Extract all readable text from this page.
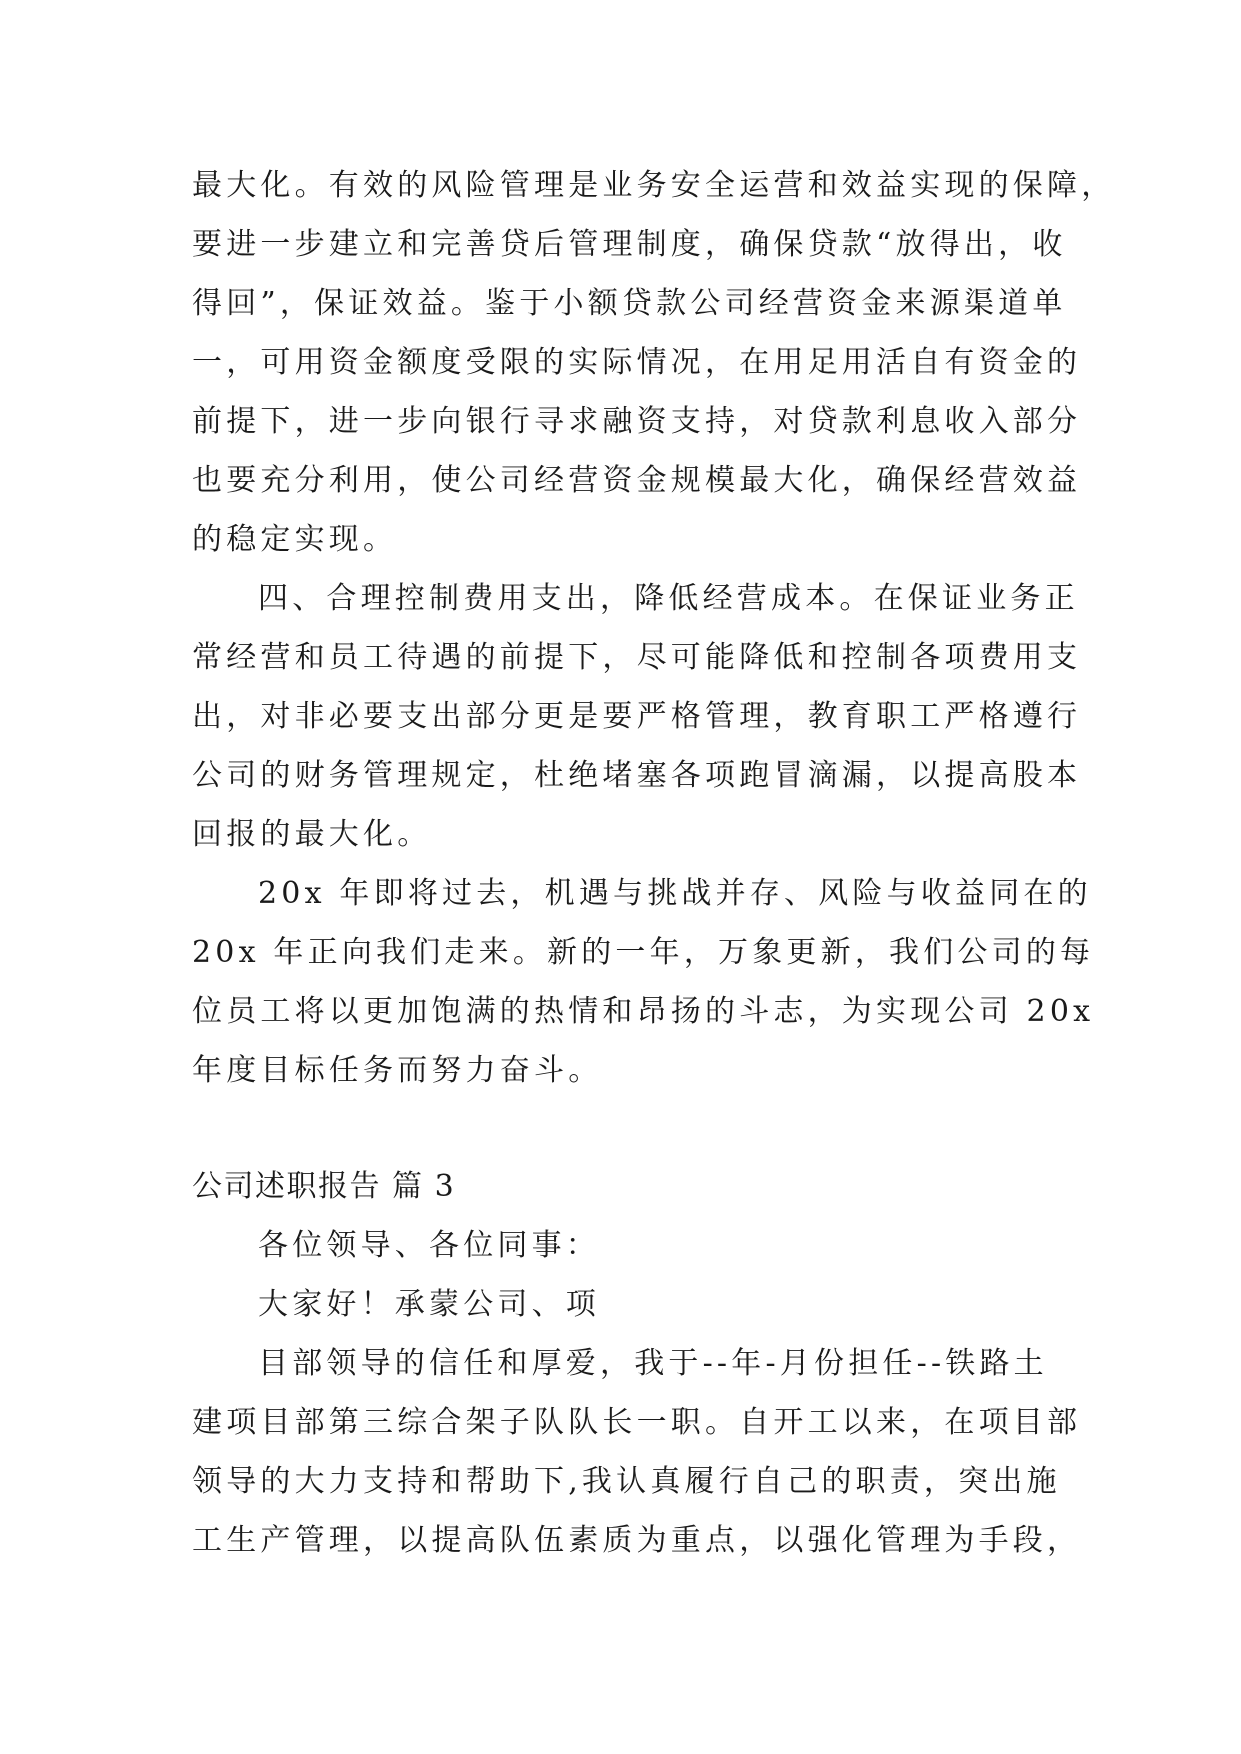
最大化。有效的风险管理是业务安全运营和效益实现的保障，
要进一步建立和完善贷后管理制度，确保贷款“放得出，收
得回”，保证效益。鉴于小额贷款公司经营资金来源渠道单
一，可用资金额度受限的实际情况，在用足用活自有资金的
前提下，进一步向银行寻求融资支持，对贷款利息收入部分
也要充分利用，使公司经营资金规模最大化，确保经营效益
的稳定实现。
四、合理控制费用支出，降低经营成本。在保证业务正
常经营和员工待遇的前提下，尽可能降低和控制各项费用支
出，对非必要支出部分更是要严格管理，教育职工严格遵行
公司的财务管理规定，杜绝堵塞各项跑冒滴漏，以提高股本
回报的最大化。
20x 年即将过去，机遇与挑战并存、风险与收益同在的
20x 年正向我们走来。新的一年，万象更新，我们公司的每
位员工将以更加饱满的热情和昂扬的斗志，为实现公司 20x
年度目标任务而努力奋斗。
公司述职报告 篇 3
各位领导、各位同事：
大家好！承蒙公司、项
目部领导的信任和厚爱，我于--年-月份担任--铁路土
建项目部第三综合架子队队长一职。自开工以来，在项目部
领导的大力支持和帮助下,我认真履行自己的职责，突出施
工生产管理，以提高队伍素质为重点，以强化管理为手段，
